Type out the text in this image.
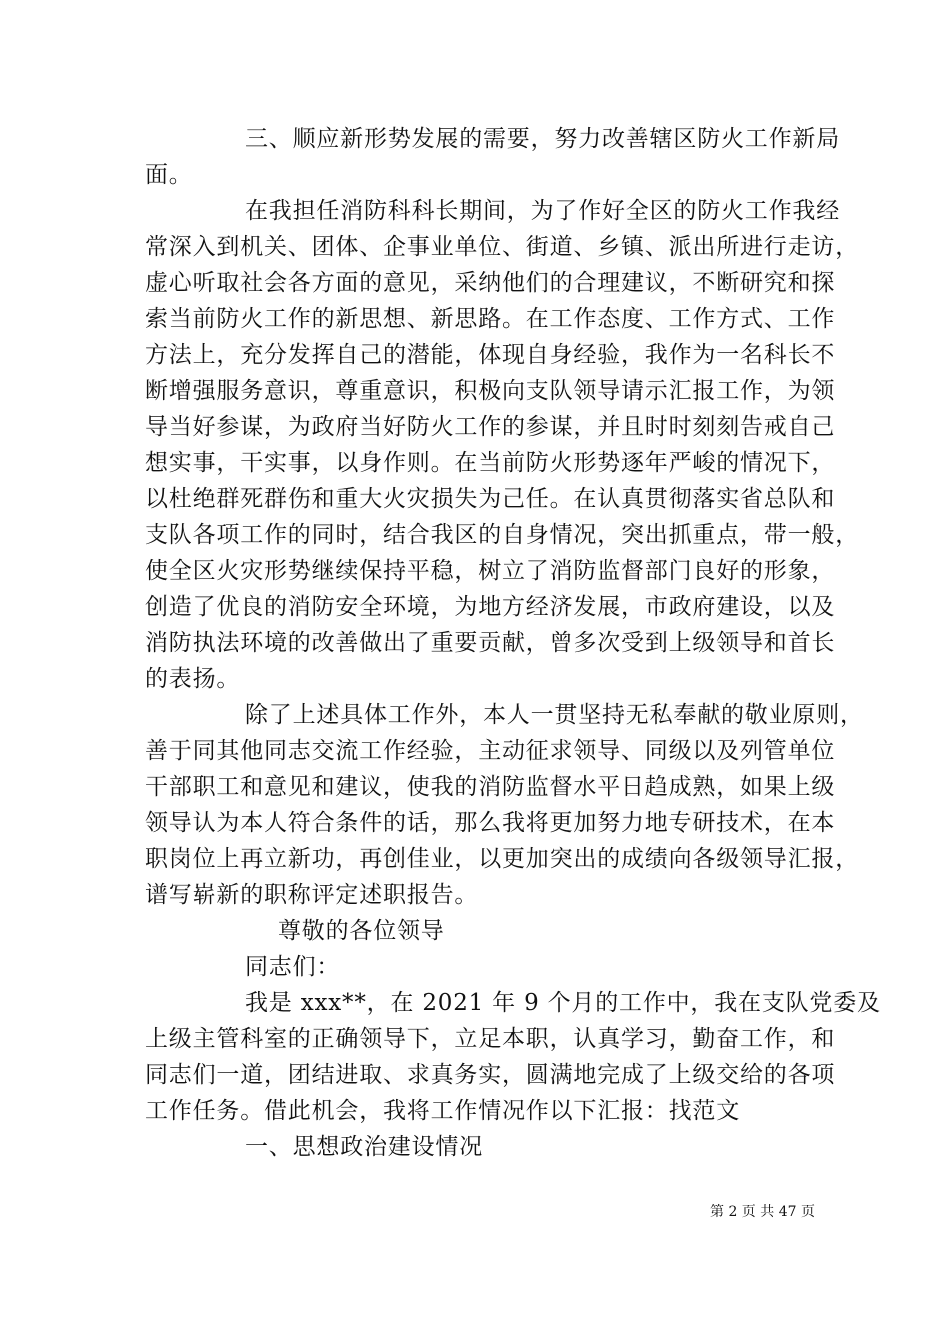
三、顺应新形势发展的需要，努力改善辖区防火工作新局
面。
在我担任消防科科长期间，为了作好全区的防火工作我经
常深入到机关、团体、企事业单位、街道、乡镇、派出所进行走访，
虚心听取社会各方面的意见，采纳他们的合理建议，不断研究和探
索当前防火工作的新思想、新思路。在工作态度、工作方式、工作
方法上，充分发挥自己的潜能，体现自身经验，我作为一名科长不
断增强服务意识，尊重意识，积极向支队领导请示汇报工作，为领
导当好参谋，为政府当好防火工作的参谋，并且时时刻刻告戒自己
想实事，干实事，以身作则。在当前防火形势逐年严峻的情况下，
以杜绝群死群伤和重大火灾损失为己任。在认真贯彻落实省总队和
支队各项工作的同时，结合我区的自身情况，突出抓重点，带一般，
使全区火灾形势继续保持平稳，树立了消防监督部门良好的形象，
创造了优良的消防安全环境，为地方经济发展，市政府建设，以及
消防执法环境的改善做出了重要贡献，曾多次受到上级领导和首长
的表扬。
除了上述具体工作外，本人一贯坚持无私奉献的敬业原则，
善于同其他同志交流工作经验，主动征求领导、同级以及列管单位
干部职工和意见和建议，使我的消防监督水平日趋成熟，如果上级
领导认为本人符合条件的话，那么我将更加努力地专研技术，在本
职岗位上再立新功，再创佳业，以更加突出的成绩向各级领导汇报，
谱写崭新的职称评定述职报告。
尊敬的各位领导
同志们：
我是 xxx**，在 2021 年 9 个月的工作中，我在支队党委及
上级主管科室的正确领导下，立足本职，认真学习，勤奋工作，和
同志们一道，团结进取、求真务实，圆满地完成了上级交给的各项
工作任务。借此机会，我将工作情况作以下汇报：找范文
一、思想政治建设情况
第 2 页 共 47 页
